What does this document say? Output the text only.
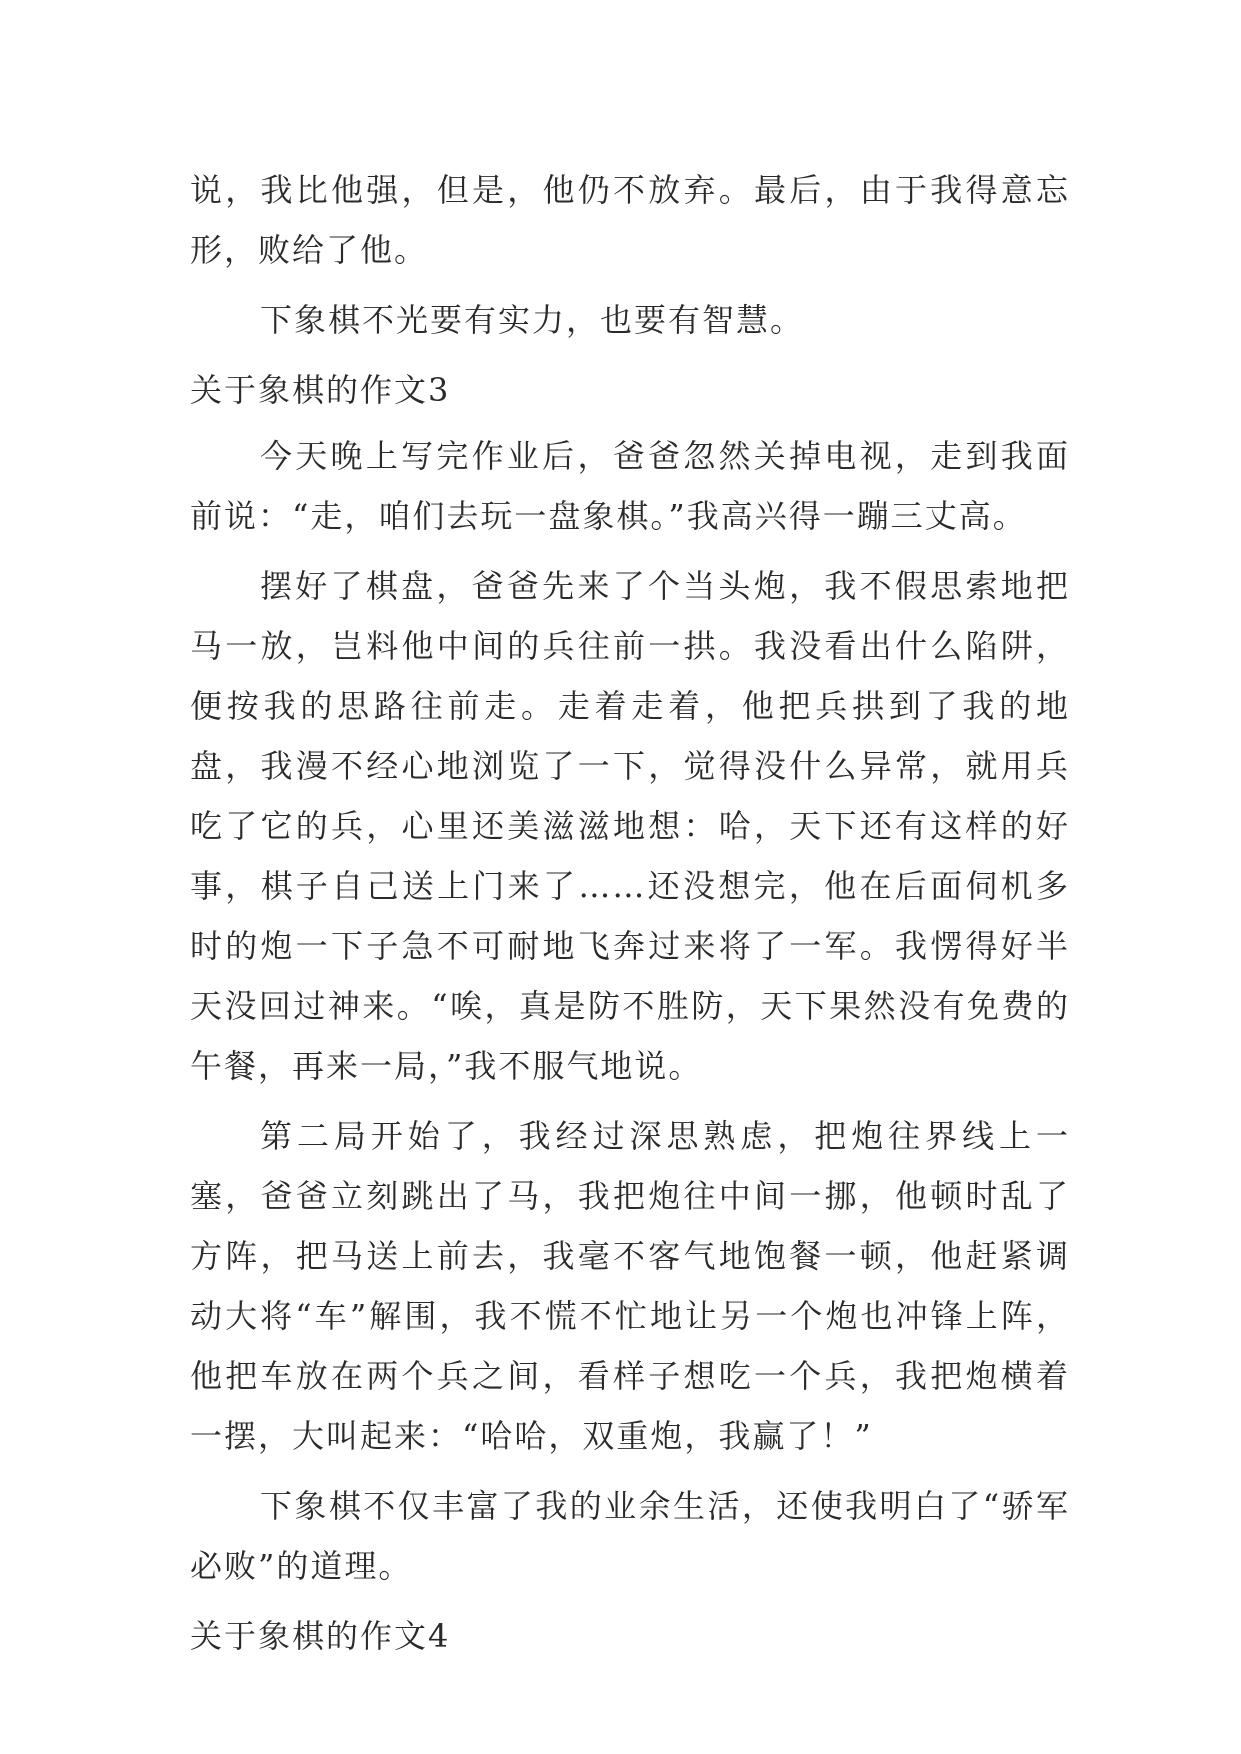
说，我比他强，但是，他仍不放弃。最后，由于我得意忘形，败给了他。

下象棋不光要有实力，也要有智慧。

关于象棋的作文3

今天晚上写完作业后，爸爸忽然关掉电视，走到我面前说：“走，咱们去玩一盘象棋。”我高兴得一蹦三丈高。

摆好了棋盘，爸爸先来了个当头炮，我不假思索地把马一放，岂料他中间的兵往前一拱。我没看出什么陷阱，便按我的思路往前走。走着走着，他把兵拱到了我的地盘，我漫不经心地浏览了一下，觉得没什么异常，就用兵吃了它的兵，心里还美滋滋地想：哈，天下还有这样的好事，棋子自己送上门来了……还没想完，他在后面伺机多时的炮一下子急不可耐地飞奔过来将了一军。我愣得好半天没回过神来。“唉，真是防不胜防，天下果然没有免费的午餐，再来一局，”我不服气地说。

第二局开始了，我经过深思熟虑，把炮往界线上一塞，爸爸立刻跳出了马，我把炮往中间一挪，他顿时乱了方阵，把马送上前去，我毫不客气地饱餐一顿，他赶紧调动大将“车”解围，我不慌不忙地让另一个炮也冲锋上阵，他把车放在两个兵之间，看样子想吃一个兵，我把炮横着一摆，大叫起来：“哈哈，双重炮，我赢了！”

下象棋不仅丰富了我的业余生活，还使我明白了“骄军必败”的道理。

关于象棋的作文4
